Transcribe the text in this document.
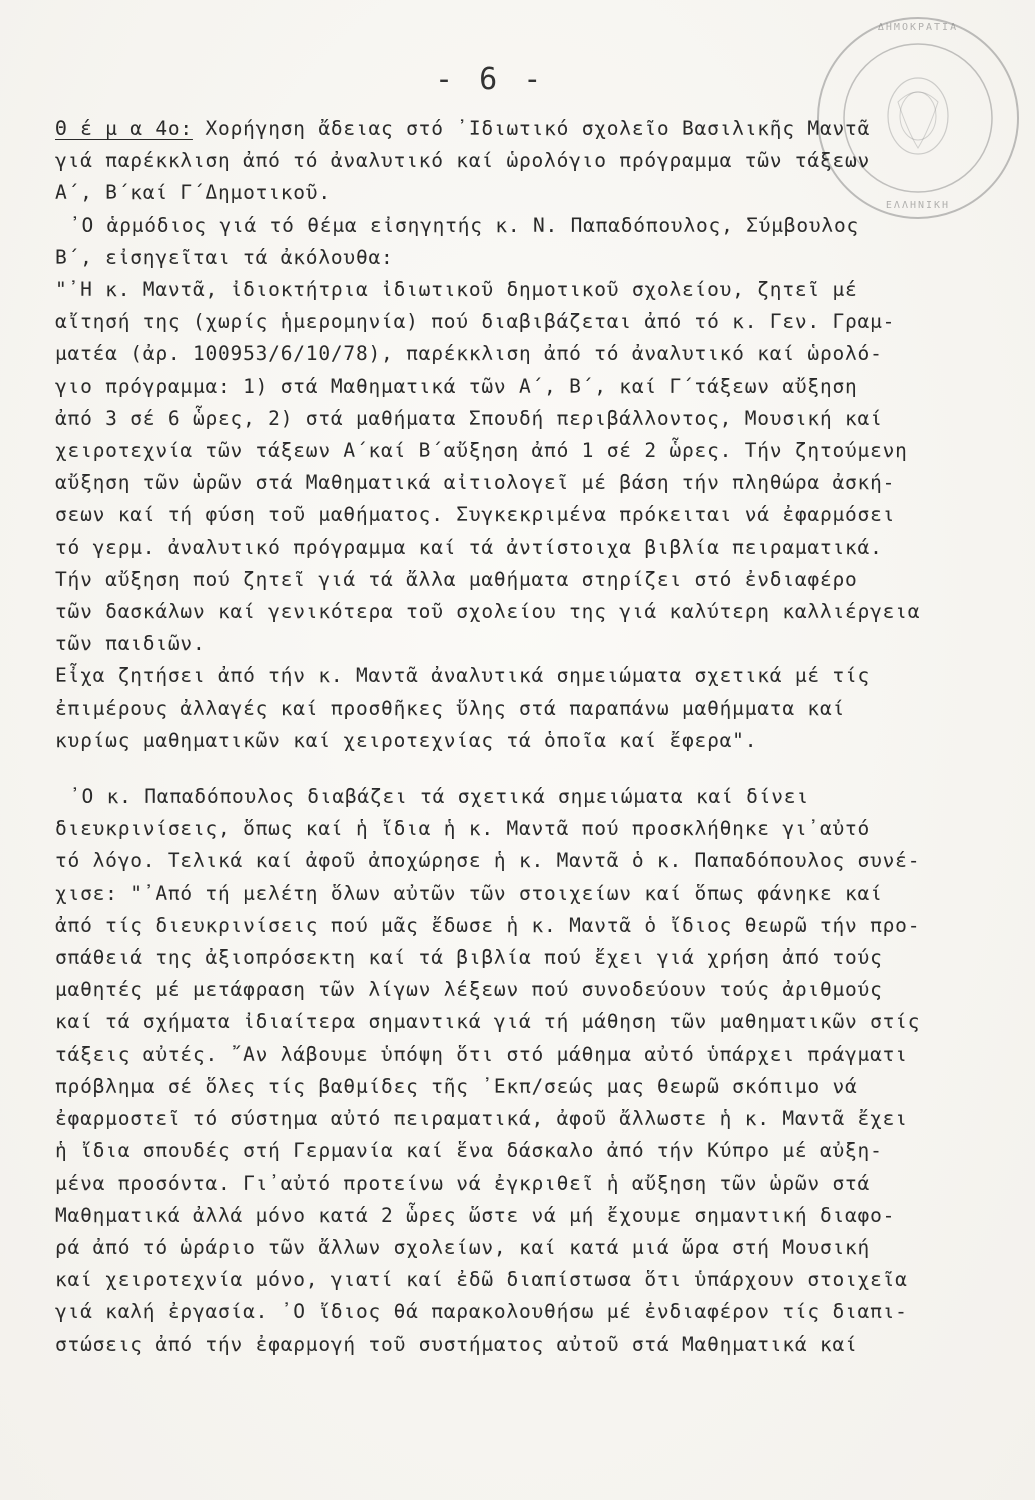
- 6 -

ΔΗΜΟΚΡΑΤΙΑ
ΕΛΛΗΝΙΚΗ

Θ έ μ α 4ο: Χορήγηση ἄδειας στό ᾿Ιδιωτικό σχολεῖο Βασιλικῆς Μαντᾶ

γιά παρέκκλιση ἀπό τό ἀναλυτικό καί ὡρολόγιο πρόγραμμα τῶν τάξεων

Α΄, Β΄καί Γ΄Δημοτικοῦ.

᾿Ο ἁρμόδιος γιά τό θέμα εἰσηγητής κ. Ν. Παπαδόπουλος, Σύμβουλος

Β΄, εἰσηγεῖται τά ἀκόλουθα:

"᾿Η κ. Μαντᾶ, ἰδιοκτήτρια ἰδιωτικοῦ δημοτικοῦ σχολείου, ζητεῖ μέ

αἴτησή της (χωρίς ἡμερομηνία) πού διαβιβάζεται ἀπό τό κ. Γεν. Γραμ-

ματέα (ἀρ. 100953/6/10/78), παρέκκλιση ἀπό τό ἀναλυτικό καί ὡρολό-

γιο πρόγραμμα: 1) στά Μαθηματικά τῶν Α΄, Β΄, καί Γ΄τάξεων αὔξηση

ἀπό 3 σέ 6 ὧρες, 2) στά μαθήματα Σπουδή περιβάλλοντος, Μουσική καί

χειροτεχνία τῶν τάξεων Α΄καί Β΄αὔξηση ἀπό 1 σέ 2 ὧρες. Τήν ζητούμενη

αὔξηση τῶν ὡρῶν στά Μαθηματικά αἰτιολογεῖ μέ βάση τήν πληθώρα ἀσκή-

σεων καί τή φύση τοῦ μαθήματος. Συγκεκριμένα πρόκειται νά ἐφαρμόσει

τό γερμ. ἀναλυτικό πρόγραμμα καί τά ἀντίστοιχα βιβλία πειραματικά.

Τήν αὔξηση πού ζητεῖ γιά τά ἄλλα μαθήματα στηρίζει στό ἐνδιαφέρο

τῶν δασκάλων καί γενικότερα τοῦ σχολείου της γιά καλύτερη καλλιέργεια

τῶν παιδιῶν.

Εἶχα ζητήσει ἀπό τήν κ. Μαντᾶ ἀναλυτικά σημειώματα σχετικά μέ τίς

ἐπιμέρους ἀλλαγές καί προσθῆκες ὕλης στά παραπάνω μαθήμματα καί

κυρίως μαθηματικῶν καί χειροτεχνίας τά ὁποῖα καί ἔφερα".

᾿Ο κ. Παπαδόπουλος διαβάζει τά σχετικά σημειώματα καί δίνει

διευκρινίσεις, ὅπως καί ἡ ἴδια ἡ κ. Μαντᾶ πού προσκλήθηκε γι᾿αὐτό

τό λόγο. Τελικά καί ἀφοῦ ἀποχώρησε ἡ κ. Μαντᾶ ὁ κ. Παπαδόπουλος συνέ-

χισε: "᾿Από τή μελέτη ὅλων αὐτῶν τῶν στοιχείων καί ὅπως φάνηκε καί

ἀπό τίς διευκρινίσεις πού μᾶς ἔδωσε ἡ κ. Μαντᾶ ὁ ἴδιος θεωρῶ τήν προ-

σπάθειά της ἀξιοπρόσεκτη καί τά βιβλία πού ἔχει γιά χρήση ἀπό τούς

μαθητές μέ μετάφραση τῶν λίγων λέξεων πού συνοδεύουν τούς ἀριθμούς

καί τά σχήματα ἰδιαίτερα σημαντικά γιά τή μάθηση τῶν μαθηματικῶν στίς

τάξεις αὐτές. ῎Αν λάβουμε ὑπόψη ὅτι στό μάθημα αὐτό ὑπάρχει πράγματι

πρόβλημα σέ ὅλες τίς βαθμίδες τῆς ᾿Εκπ/σεώς μας θεωρῶ σκόπιμο νά

ἐφαρμοστεῖ τό σύστημα αὐτό πειραματικά, ἀφοῦ ἄλλωστε ἡ κ. Μαντᾶ ἔχει

ἡ ἴδια σπουδές στή Γερμανία καί ἕνα δάσκαλο ἀπό τήν Κύπρο μέ αὐξη-

μένα προσόντα. Γι᾿αὐτό προτείνω νά ἐγκριθεῖ ἡ αὔξηση τῶν ὡρῶν στά

Μαθηματικά ἀλλά μόνο κατά 2 ὧρες ὥστε νά μή ἔχουμε σημαντική διαφο-

ρά ἀπό τό ὡράριο τῶν ἄλλων σχολείων, καί κατά μιά ὥρα στή Μουσική

καί χειροτεχνία μόνο, γιατί καί ἐδῶ διαπίστωσα ὅτι ὑπάρχουν στοιχεῖα

γιά καλή ἐργασία. ᾿Ο ἴδιος θά παρακολουθήσω μέ ἐνδιαφέρον τίς διαπι-

στώσεις ἀπό τήν ἐφαρμογή τοῦ συστήματος αὐτοῦ στά Μαθηματικά καί
